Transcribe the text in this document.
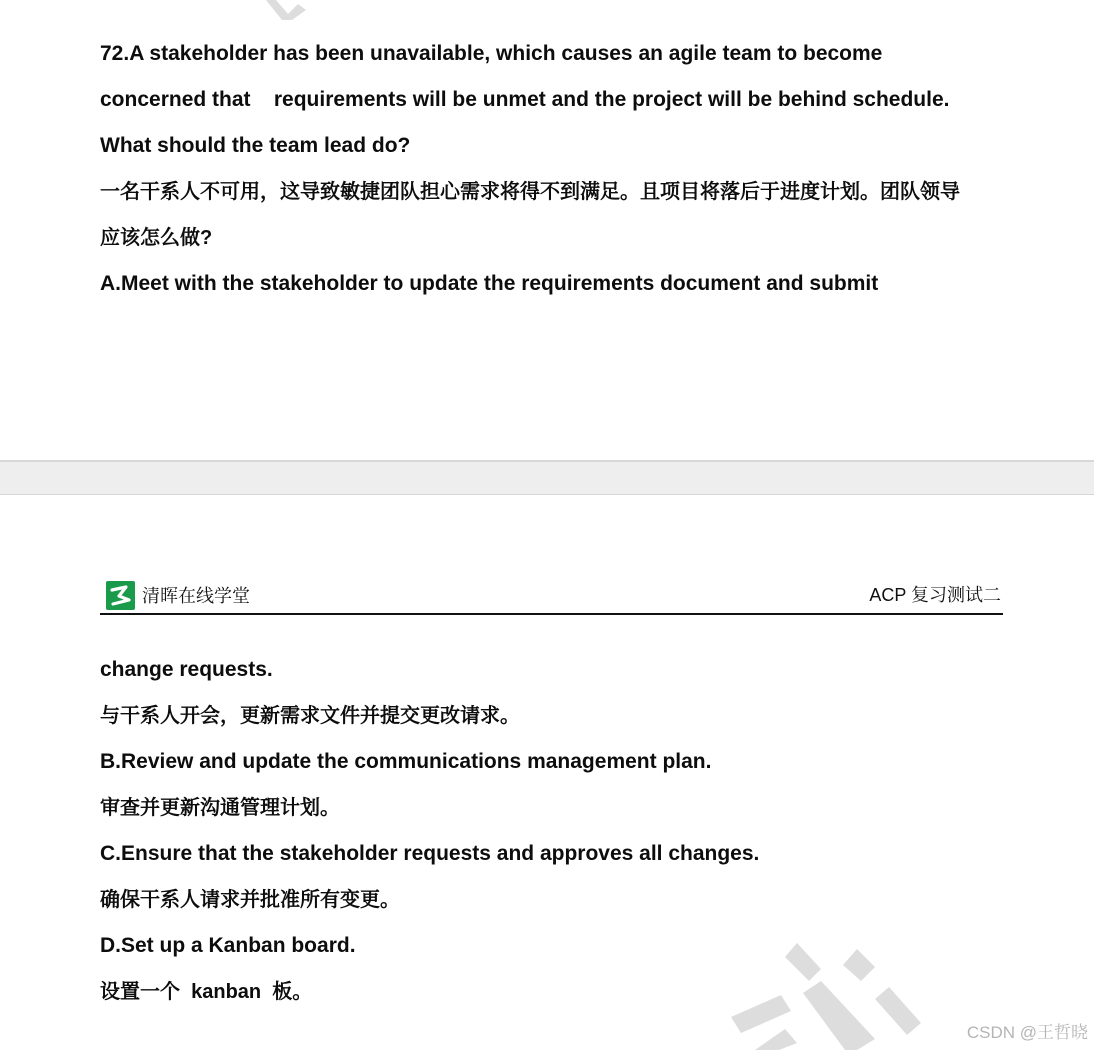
72.A stakeholder has been unavailable, which causes an agile team to become
concerned that    requirements will be unmet and the project will be behind schedule.
What should the team lead do?
一名干系人不可用，这导致敏捷团队担心需求将得不到满足。且项目将落后于进度计划。团队领导
应该怎么做?
A.Meet with the stakeholder to update the requirements document and submit
清晖在线学堂	ACP 复习测试二
change requests.
与干系人开会，更新需求文件并提交更改请求。
B.Review and update the communications management plan.
审查并更新沟通管理计划。
C.Ensure that the stakeholder requests and approves all changes.
确保干系人请求并批准所有变更。
D.Set up a Kanban board.
设置一个  kanban  板。
CSDN @王哲晓
